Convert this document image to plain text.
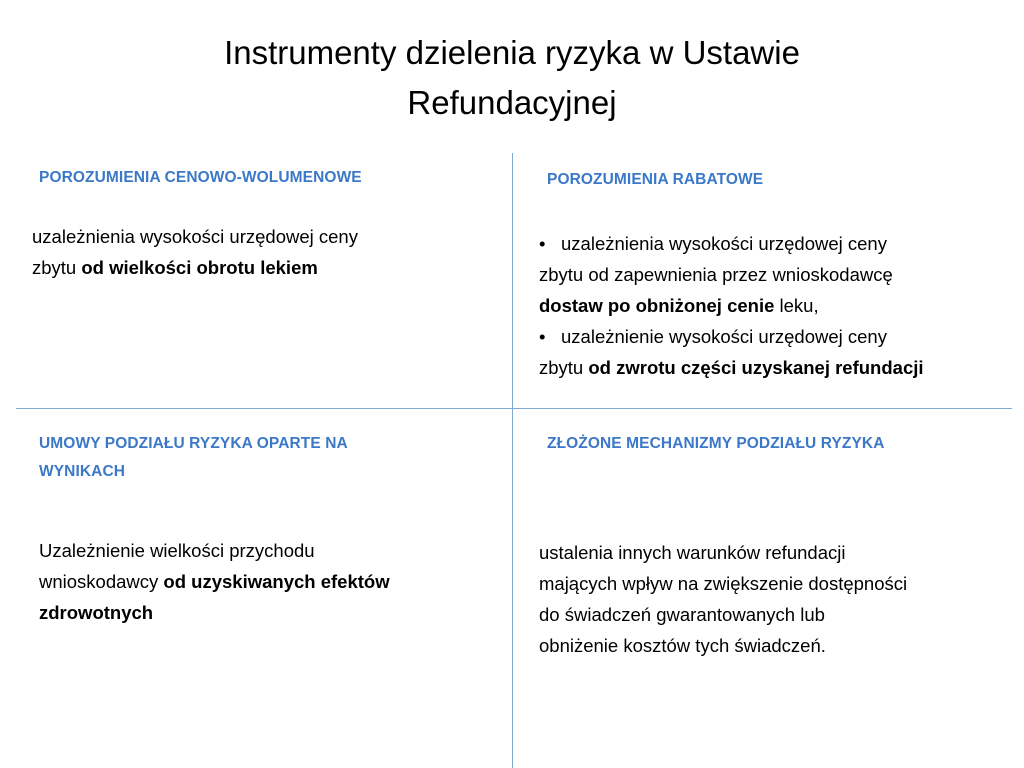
Instrumenty dzielenia ryzyka w Ustawie
Refundacyjnej
POROZUMIENIA CENOWO-WOLUMENOWE
uzależnienia wysokości urzędowej ceny
zbytu od wielkości obrotu lekiem
POROZUMIENIA RABATOWE
• uzależnienia wysokości urzędowej ceny
zbytu od zapewnienia przez wnioskodawcę
dostaw po obniżonej cenie leku,
• uzależnienie wysokości urzędowej ceny
zbytu od zwrotu części uzyskanej refundacji
UMOWY PODZIAŁU RYZYKA OPARTE NA
WYNIKACH
Uzależnienie wielkości przychodu
wnioskodawcy od uzyskiwanych efektów
zdrowotnych
ZŁOŻONE MECHANIZMY PODZIAŁU RYZYKA
ustalenia innych warunków refundacji
mających wpływ na zwiększenie dostępności
do świadczeń gwarantowanych lub
obniżenie kosztów tych świadczeń.
